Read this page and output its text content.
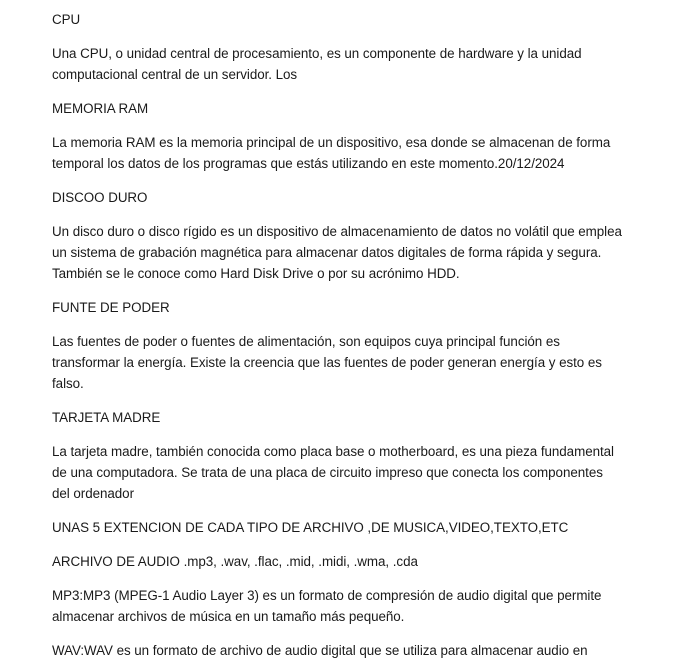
CPU

Una CPU, o unidad central de procesamiento, es un componente de hardware y la unidad computacional central de un servidor. Los

MEMORIA RAM

La memoria RAM es la memoria principal de un dispositivo, esa donde se almacenan de forma temporal los datos de los programas que estás utilizando en este momento.20/12/2024

DISCOO DURO

Un disco duro o disco rígido es un dispositivo de almacenamiento de datos no volátil que emplea un sistema de grabación magnética para almacenar datos digitales de forma rápida y segura. También se le conoce como Hard Disk Drive o por su acrónimo HDD.

FUNTE DE PODER

Las fuentes de poder o fuentes de alimentación, son equipos cuya principal función es transformar la energía. Existe la creencia que las fuentes de poder generan energía y esto es falso.

TARJETA MADRE

La tarjeta madre, también conocida como placa base o motherboard, es una pieza fundamental de una computadora. Se trata de una placa de circuito impreso que conecta los componentes del ordenador

UNAS 5 EXTENCION DE CADA TIPO DE ARCHIVO ,DE MUSICA,VIDEO,TEXTO,ETC

ARCHIVO DE AUDIO .mp3, .wav, .flac, .mid, .midi, .wma, .cda

MP3:MP3 (MPEG-1 Audio Layer 3) es un formato de compresión de audio digital que permite almacenar archivos de música en un tamaño más pequeño.

WAV:WAV es un formato de archivo de audio digital que se utiliza para almacenar audio en
